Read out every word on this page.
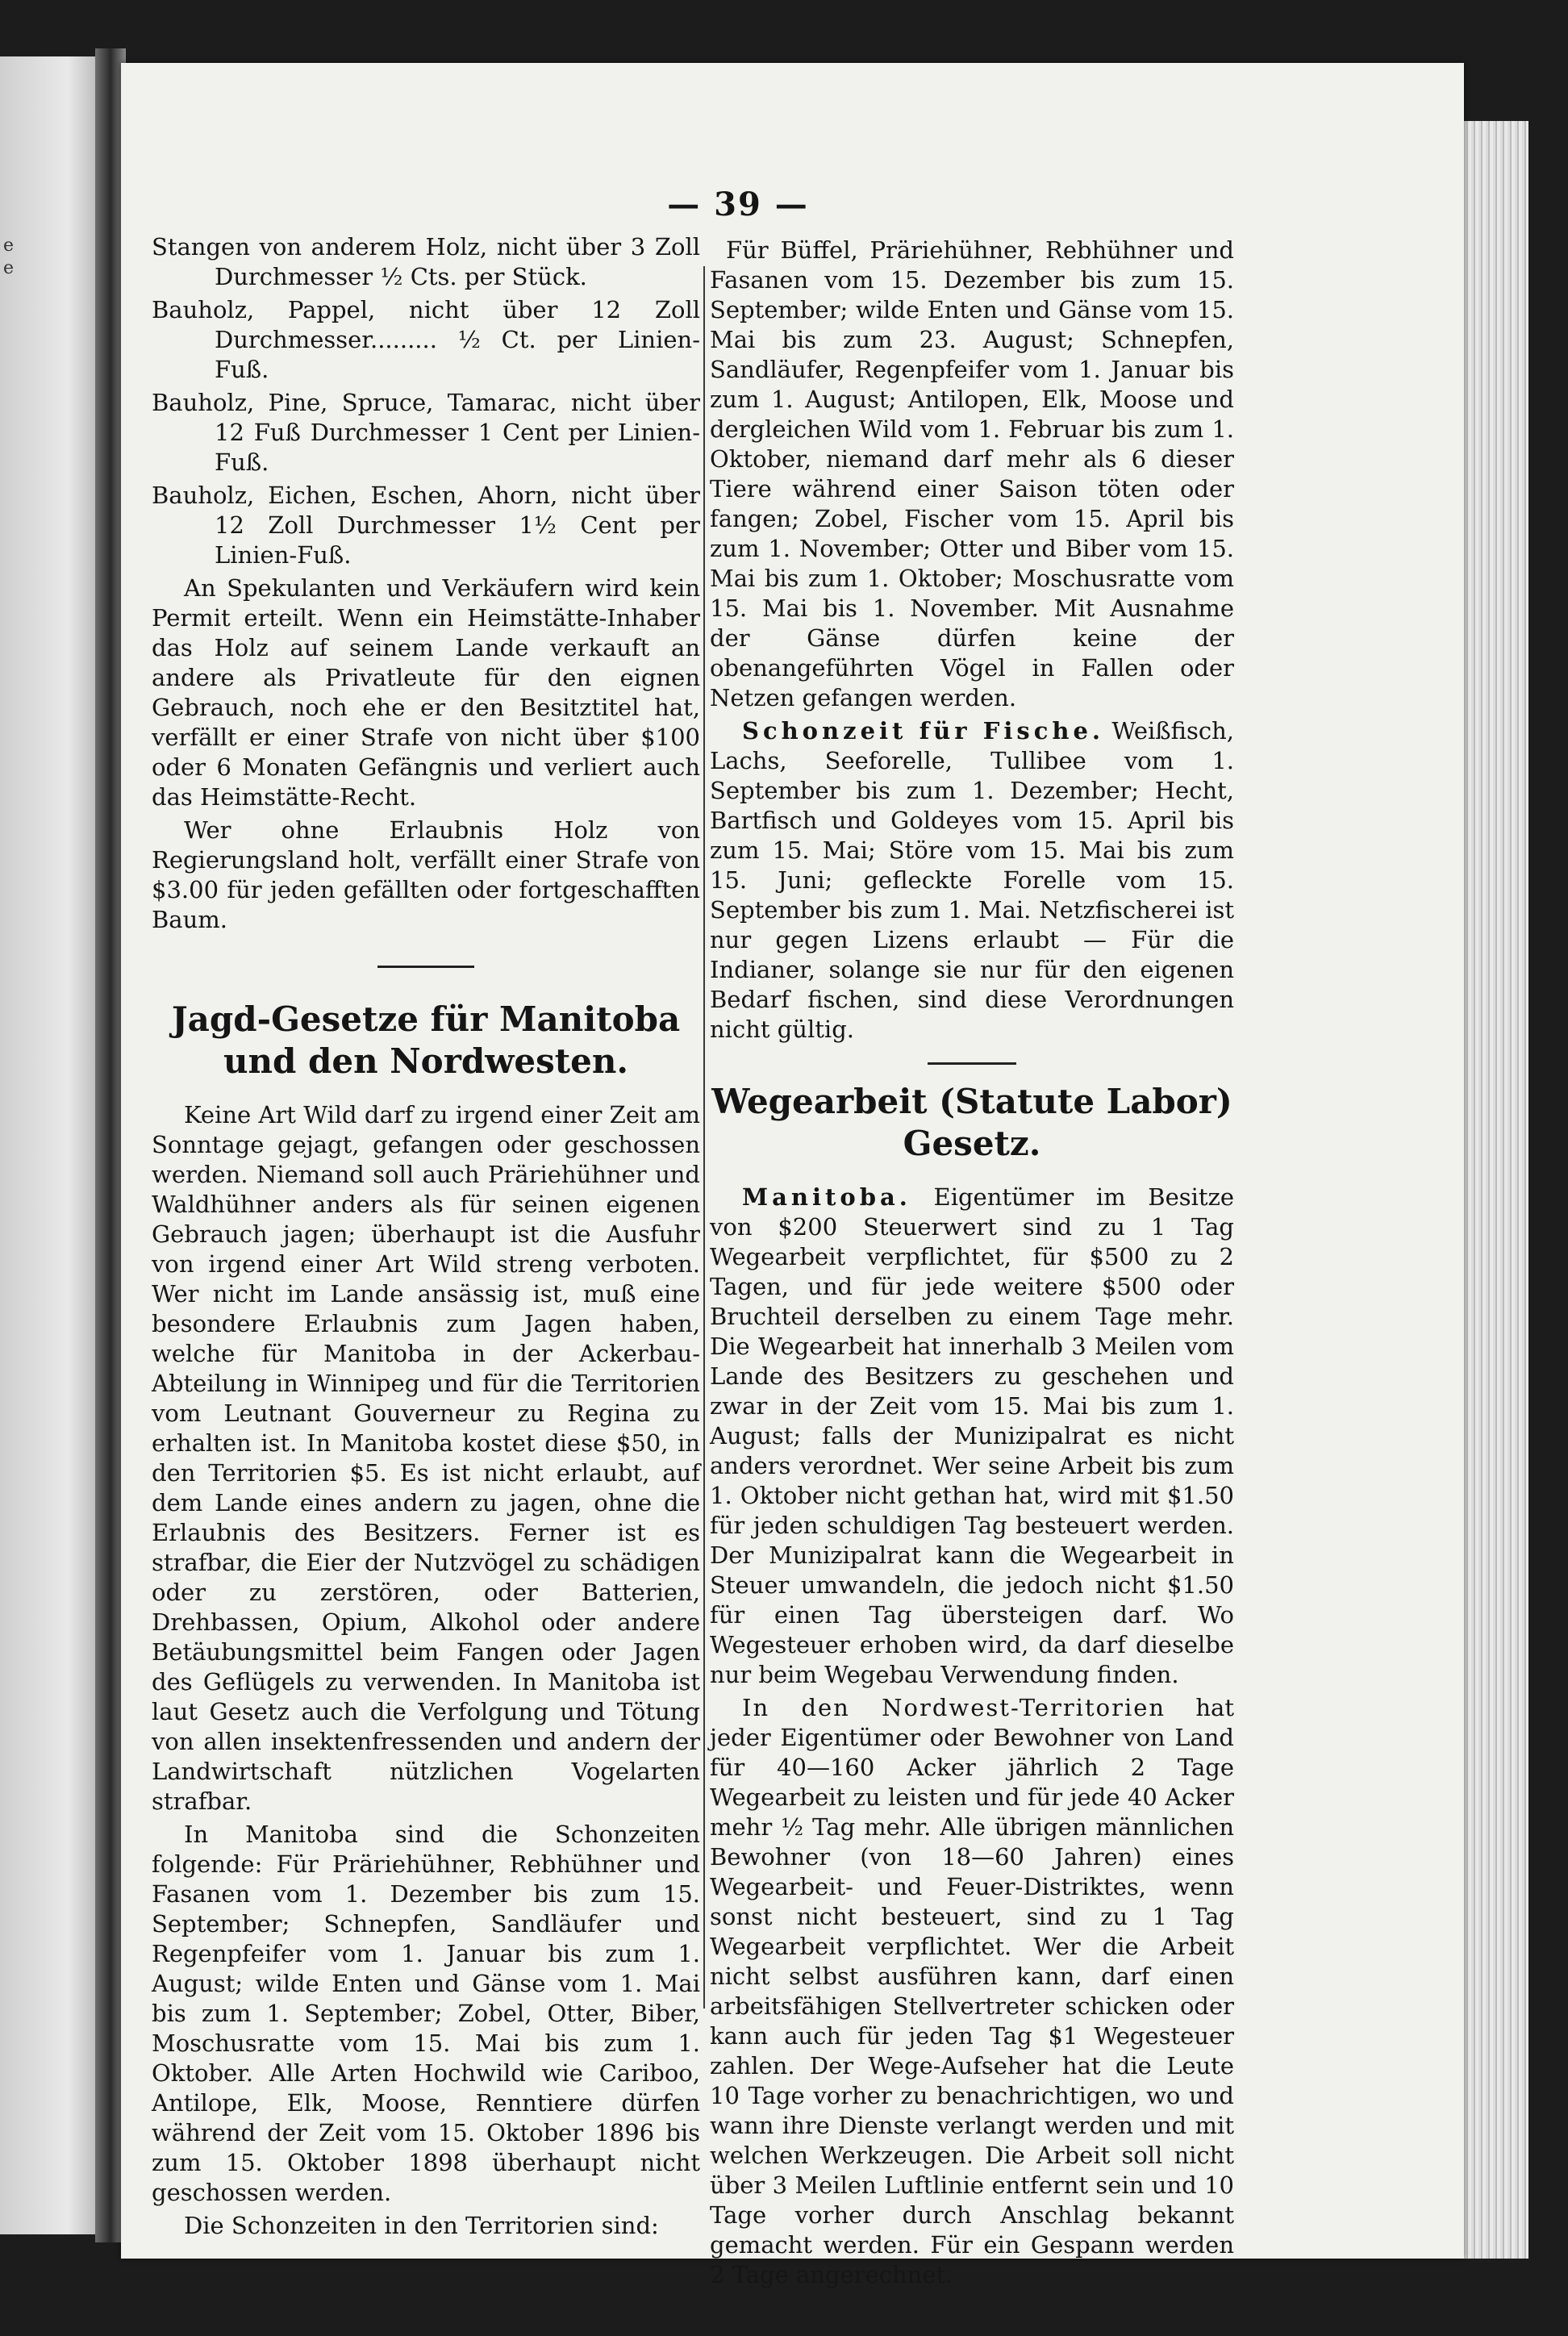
e
e
— 39 —

Stangen von anderem Holz, nicht über 3 Zoll Durchmesser ½ Cts. per Stück.

Bauholz, Pappel, nicht über 12 Zoll Durchmesser......... ½ Ct. per Linien-Fuß.

Bauholz, Pine, Spruce, Tamarac, nicht über 12 Fuß Durchmesser 1 Cent per Linien-Fuß.

Bauholz, Eichen, Eschen, Ahorn, nicht über 12 Zoll Durchmesser 1½ Cent per Linien-Fuß.

An Spekulanten und Verkäufern wird kein Permit erteilt. Wenn ein Heimstätte-Inhaber das Holz auf seinem Lande verkauft an andere als Privatleute für den eignen Gebrauch, noch ehe er den Besitztitel hat, verfällt er einer Strafe von nicht über $100 oder 6 Monaten Gefängnis und verliert auch das Heimstätte-Recht.

Wer ohne Erlaubnis Holz von Regierungsland holt, verfällt einer Strafe von $3.00 für jeden gefällten oder fortgeschafften Baum.

Jagd-Gesetze für Manitoba und den Nordwesten.

Keine Art Wild darf zu irgend einer Zeit am Sonntage gejagt, gefangen oder geschossen werden. Niemand soll auch Präriehühner und Waldhühner anders als für seinen eigenen Gebrauch jagen; überhaupt ist die Ausfuhr von irgend einer Art Wild streng verboten. Wer nicht im Lande ansässig ist, muß eine besondere Erlaubnis zum Jagen haben, welche für Manitoba in der Ackerbau-Abteilung in Winnipeg und für die Territorien vom Leutnant Gouverneur zu Regina zu erhalten ist. In Manitoba kostet diese $50, in den Territorien $5. Es ist nicht erlaubt, auf dem Lande eines andern zu jagen, ohne die Erlaubnis des Besitzers. Ferner ist es strafbar, die Eier der Nutzvögel zu schädigen oder zu zerstören, oder Batterien, Drehbassen, Opium, Alkohol oder andere Betäubungsmittel beim Fangen oder Jagen des Geflügels zu verwenden. In Manitoba ist laut Gesetz auch die Verfolgung und Tötung von allen insektenfressenden und andern der Landwirtschaft nützlichen Vogelarten strafbar.

In Manitoba sind die Schonzeiten folgende: Für Präriehühner, Rebhühner und Fasanen vom 1. Dezember bis zum 15. September; Schnepfen, Sandläufer und Regenpfeifer vom 1. Januar bis zum 1. August; wilde Enten und Gänse vom 1. Mai bis zum 1. September; Zobel, Otter, Biber, Moschusratte vom 15. Mai bis zum 1. Oktober. Alle Arten Hochwild wie Cariboo, Antilope, Elk, Moose, Renntiere dürfen während der Zeit vom 15. Oktober 1896 bis zum 15. Oktober 1898 überhaupt nicht geschossen werden.

Die Schonzeiten in den Territorien sind:

Für Büffel, Präriehühner, Rebhühner und Fasanen vom 15. Dezember bis zum 15. September; wilde Enten und Gänse vom 15. Mai bis zum 23. August; Schnepfen, Sandläufer, Regenpfeifer vom 1. Januar bis zum 1. August; Antilopen, Elk, Moose und dergleichen Wild vom 1. Februar bis zum 1. Oktober, niemand darf mehr als 6 dieser Tiere während einer Saison töten oder fangen; Zobel, Fischer vom 15. April bis zum 1. November; Otter und Biber vom 15. Mai bis zum 1. Oktober; Moschusratte vom 15. Mai bis 1. November. Mit Ausnahme der Gänse dürfen keine der obenangeführten Vögel in Fallen oder Netzen gefangen werden.

Schonzeit für Fische. Weißfisch, Lachs, Seeforelle, Tullibee vom 1. September bis zum 1. Dezember; Hecht, Bartfisch und Goldeyes vom 15. April bis zum 15. Mai; Störe vom 15. Mai bis zum 15. Juni; gefleckte Forelle vom 15. September bis zum 1. Mai. Netzfischerei ist nur gegen Lizens erlaubt — Für die Indianer, solange sie nur für den eigenen Bedarf fischen, sind diese Verordnungen nicht gültig.

Wegearbeit (Statute Labor) Gesetz.

Manitoba. Eigentümer im Besitze von $200 Steuerwert sind zu 1 Tag Wegearbeit verpflichtet, für $500 zu 2 Tagen, und für jede weitere $500 oder Bruchteil derselben zu einem Tage mehr. Die Wegearbeit hat innerhalb 3 Meilen vom Lande des Besitzers zu geschehen und zwar in der Zeit vom 15. Mai bis zum 1. August; falls der Munizipalrat es nicht anders verordnet. Wer seine Arbeit bis zum 1. Oktober nicht gethan hat, wird mit $1.50 für jeden schuldigen Tag besteuert werden. Der Munizipalrat kann die Wegearbeit in Steuer umwandeln, die jedoch nicht $1.50 für einen Tag übersteigen darf. Wo Wegesteuer erhoben wird, da darf dieselbe nur beim Wegebau Verwendung finden.

In den Nordwest-Territorien hat jeder Eigentümer oder Bewohner von Land für 40—160 Acker jährlich 2 Tage Wegearbeit zu leisten und für jede 40 Acker mehr ½ Tag mehr. Alle übrigen männlichen Bewohner (von 18—60 Jahren) eines Wegearbeit- und Feuer-Distriktes, wenn sonst nicht besteuert, sind zu 1 Tag Wegearbeit verpflichtet. Wer die Arbeit nicht selbst ausführen kann, darf einen arbeitsfähigen Stellvertreter schicken oder kann auch für jeden Tag $1 Wegesteuer zahlen. Der Wege-Aufseher hat die Leute 10 Tage vorher zu benachrichtigen, wo und wann ihre Dienste verlangt werden und mit welchen Werkzeugen. Die Arbeit soll nicht über 3 Meilen Luftlinie entfernt sein und 10 Tage vorher durch Anschlag bekannt gemacht werden. Für ein Gespann werden 2 Tage angerechnet.
